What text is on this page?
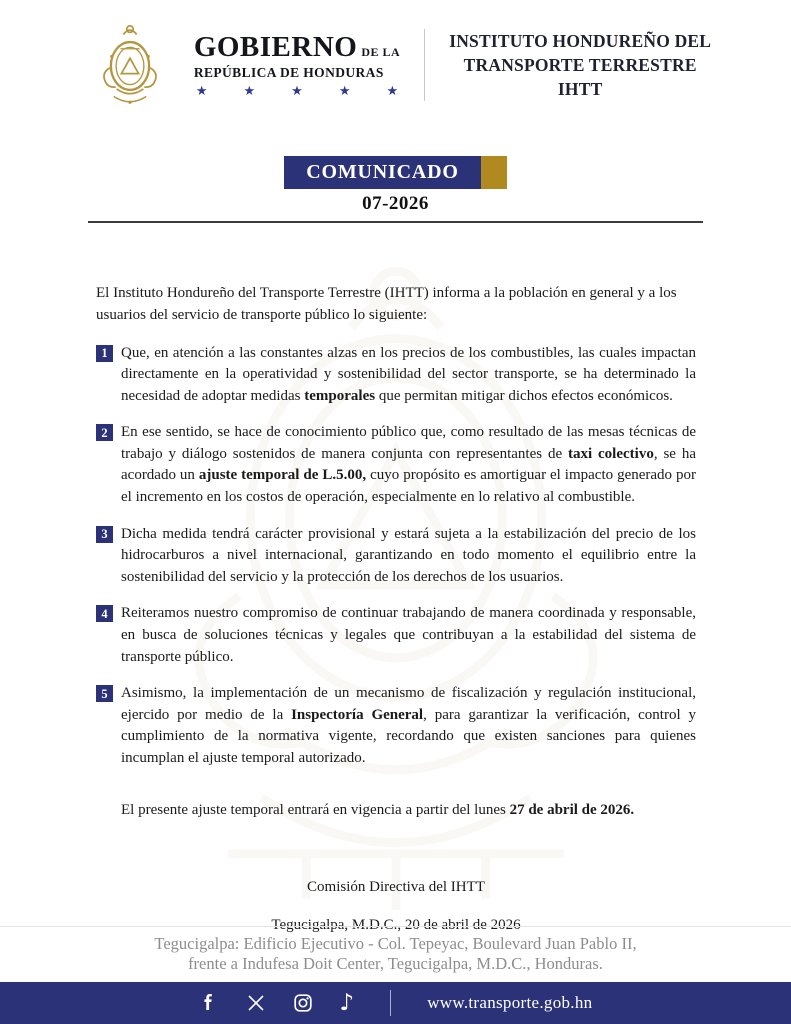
GOBIERNO DE LA
REPÚBLICA DE HONDURAS
★	★	★	★	★
INSTITUTO HONDUREÑO DEL
TRANSPORTE TERRESTRE
IHTT
COMUNICADO
07-2026

El Instituto Hondureño del Transporte Terrestre (IHTT) informa a la población en general y a los usuarios del servicio de transporte público lo siguiente:

1 Que, en atención a las constantes alzas en los precios de los combustibles, las cuales impactan directamente en la operatividad y sostenibilidad del sector transporte, se ha determinado la necesidad de adoptar medidas temporales que permitan mitigar dichos efectos económicos.

2 En ese sentido, se hace de conocimiento público que, como resultado de las mesas técnicas de trabajo y diálogo sostenidos de manera conjunta con representantes de taxi colectivo, se ha acordado un ajuste temporal de L.5.00, cuyo propósito es amortiguar el impacto generado por el incremento en los costos de operación, especialmente en lo relativo al combustible.

3 Dicha medida tendrá carácter provisional y estará sujeta a la estabilización del precio de los hidrocarburos a nivel internacional, garantizando en todo momento el equilibrio entre la sostenibilidad del servicio y la protección de los derechos de los usuarios.

4 Reiteramos nuestro compromiso de continuar trabajando de manera coordinada y responsable, en busca de soluciones técnicas y legales que contribuyan a la estabilidad del sistema de transporte público.

5 Asimismo, la implementación de un mecanismo de fiscalización y regulación institucional, ejercido por medio de la Inspectoría General, para garantizar la verificación, control y cumplimiento de la normativa vigente, recordando que existen sanciones para quienes incumplan el ajuste temporal autorizado.

El presente ajuste temporal entrará en vigencia a partir del lunes 27 de abril de 2026.

Comisión Directiva del IHTT

Tegucigalpa, M.D.C., 20 de abril de 2026

Tegucigalpa: Edificio Ejecutivo - Col. Tepeyac, Boulevard Juan Pablo II,
frente a Indufesa Doit Center, Tegucigalpa, M.D.C., Honduras.
♪	www.transporte.gob.hn
